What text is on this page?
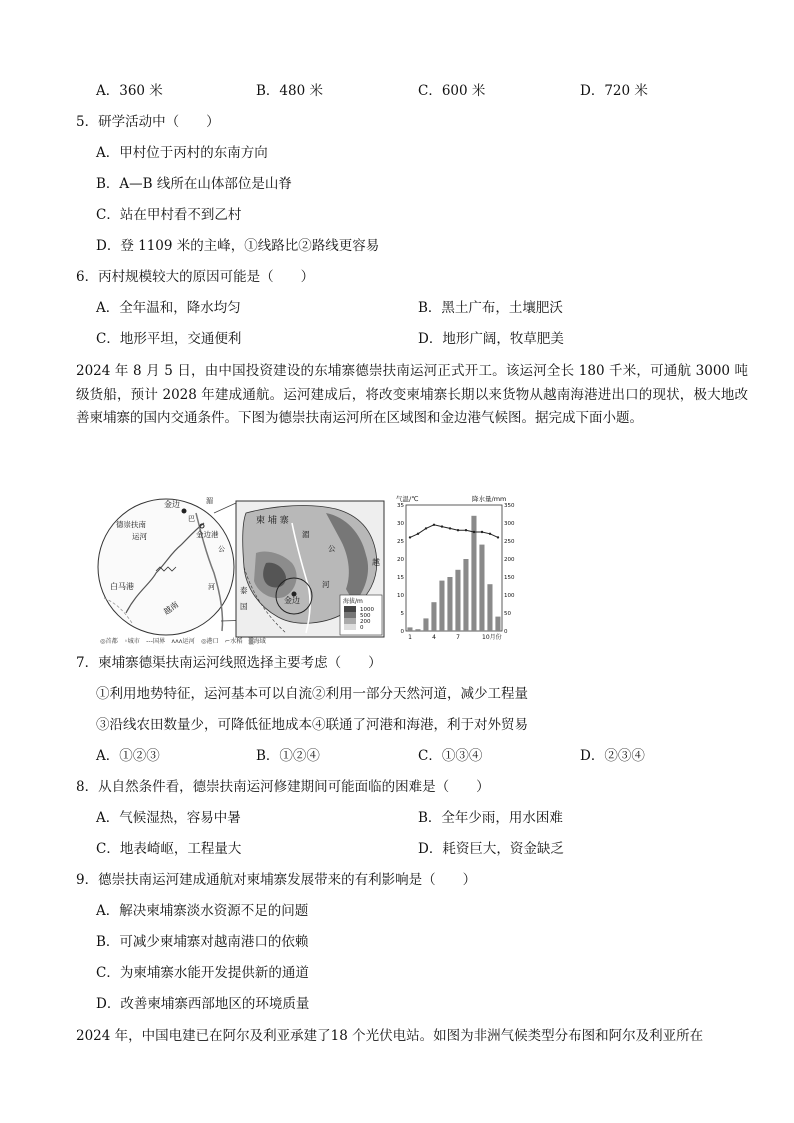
A．360 米	B．480 米	C．600 米	D．720 米
5．研学活动中（　　）
A．甲村位于丙村的东南方向
B．A—B 线所在山体部位是山脊
C．站在甲村看不到乙村
D．登 1109 米的主峰，①线路比②路线更容易
6．丙村规模较大的原因可能是（　　）
A．全年温和，降水均匀	B．黑土广布，土壤肥沃
C．地形平坦，交通便利	D．地形广阔，牧草肥美
2024 年 8 月 5 日，由中国投资建设的东埔寨德崇扶南运河正式开工。该运河全长 180 千米，可通航 3000 吨级货船，预计 2028 年建成通航。运河建成后，将改变柬埔寨长期以来货物从越南海港进出口的现状，极大地改善柬埔寨的国内交通条件。下图为德崇扶南运河所在区域图和金边港气候图。据完成下面小题。
金边
德崇扶南
运河	金边港
白马港
越南
湄
公
河
巴	柬 埔 寨
金边
越
公
河
湄
泰
国
海拔/m
1000
500
200
0
◎首都　◦城市　---国界　ᴧᴧᴧ运河　◎港口　⌐水稻　▒海域
气温/℃	降水量/mm
35
30
25
20
15
10
5
0
350
300
250
200
150
100
50
0
1	4	7	10月份
7．柬埔寨德渠扶南运河线照选择主要考虑（　　）
①利用地势特征，运河基本可以自流②利用一部分天然河道，减少工程量
③沿线农田数量少，可降低征地成本④联通了河港和海港，利于对外贸易
A．①②③	B．①②④	C．①③④	D．②③④
8．从自然条件看，德崇扶南运河修建期间可能面临的困难是（　　）
A．气候湿热，容易中暑	B．全年少雨，用水困难
C．地表崎岖，工程量大	D．耗资巨大，资金缺乏
9．德崇扶南运河建成通航对柬埔寨发展带来的有利影响是（　　）
A．解决柬埔寨淡水资源不足的问题
B．可减少柬埔寨对越南港口的依赖
C．为柬埔寨水能开发提供新的通道
D．改善柬埔寨西部地区的环境质量
2024 年，中国电建已在阿尔及利亚承建了18 个光伏电站。如图为非洲气候类型分布图和阿尔及利亚所在
